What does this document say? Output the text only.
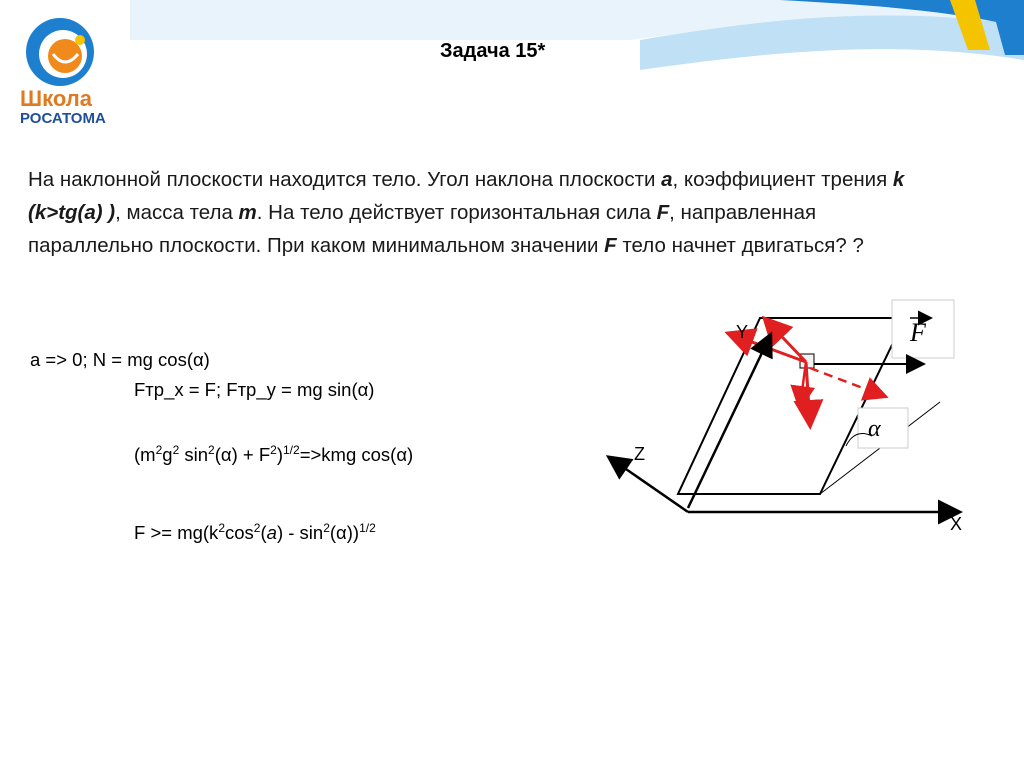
Школа
РОСАТОМА
Задача 15*
На наклонной плоскости находится тело. Угол наклона плоскости a, коэффициент трения k (k>tg(a) ), масса тела m. На тело действует горизонтальная сила F, направленная параллельно плоскости. При каком минимальном значении F тело начнет двигаться? ?
a => 0; N = mg cos(α)
Fтр_x = F; Fтр_y = mg sin(α)
($m^2g^2$ $\sin^2(\alpha) + F^2)^{1/2}=>kmg$ cos(α)
$F >= mg(k^2\cos^2(a) - \sin^2(\alpha))^{1/2}$
F
α
Y
Z
X
